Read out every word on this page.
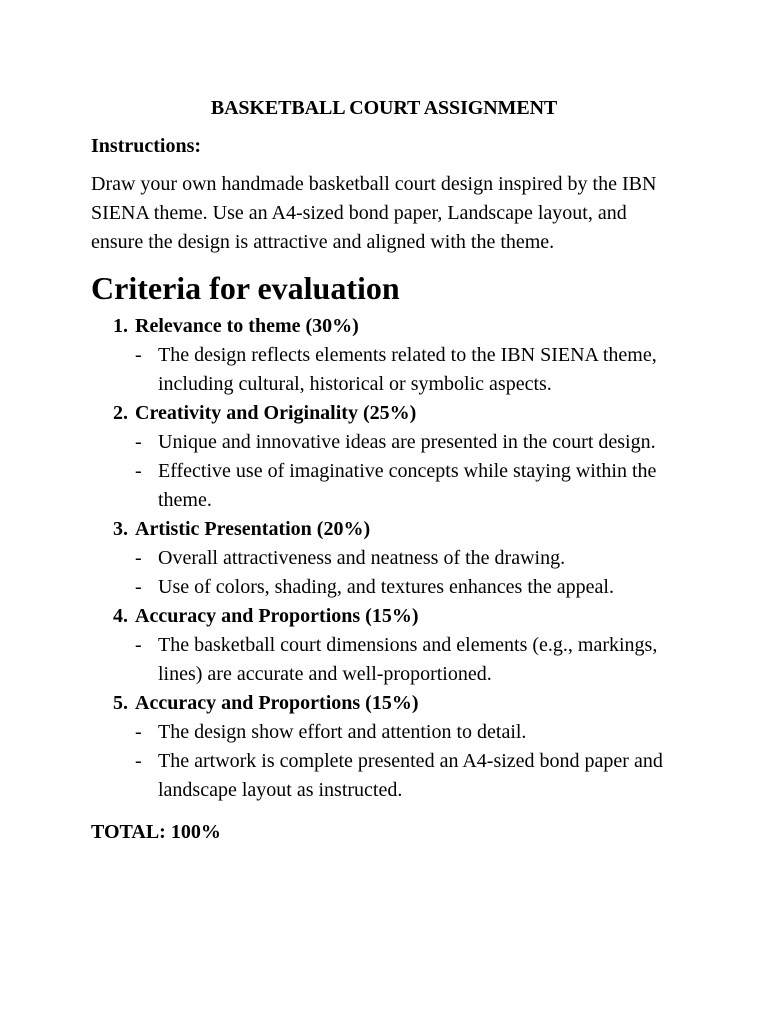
BASKETBALL COURT ASSIGNMENT
Instructions:

Draw your own handmade basketball court design inspired by the IBN SIENA theme. Use an A4-sized bond paper, Landscape layout, and ensure the design is attractive and aligned with the theme.

Criteria for evaluation
1. Relevance to theme (30%)
- The design reflects elements related to the IBN SIENA theme, including cultural, historical or symbolic aspects.
2. Creativity and Originality (25%)
- Unique and innovative ideas are presented in the court design.
- Effective use of imaginative concepts while staying within the theme.
3. Artistic Presentation (20%)
- Overall attractiveness and neatness of the drawing.
- Use of colors, shading, and textures enhances the appeal.
4. Accuracy and Proportions (15%)
- The basketball court dimensions and elements (e.g., markings, lines) are accurate and well-proportioned.
5. Accuracy and Proportions (15%)
- The design show effort and attention to detail.
- The artwork is complete presented an A4-sized bond paper and landscape layout as instructed.
TOTAL: 100%
